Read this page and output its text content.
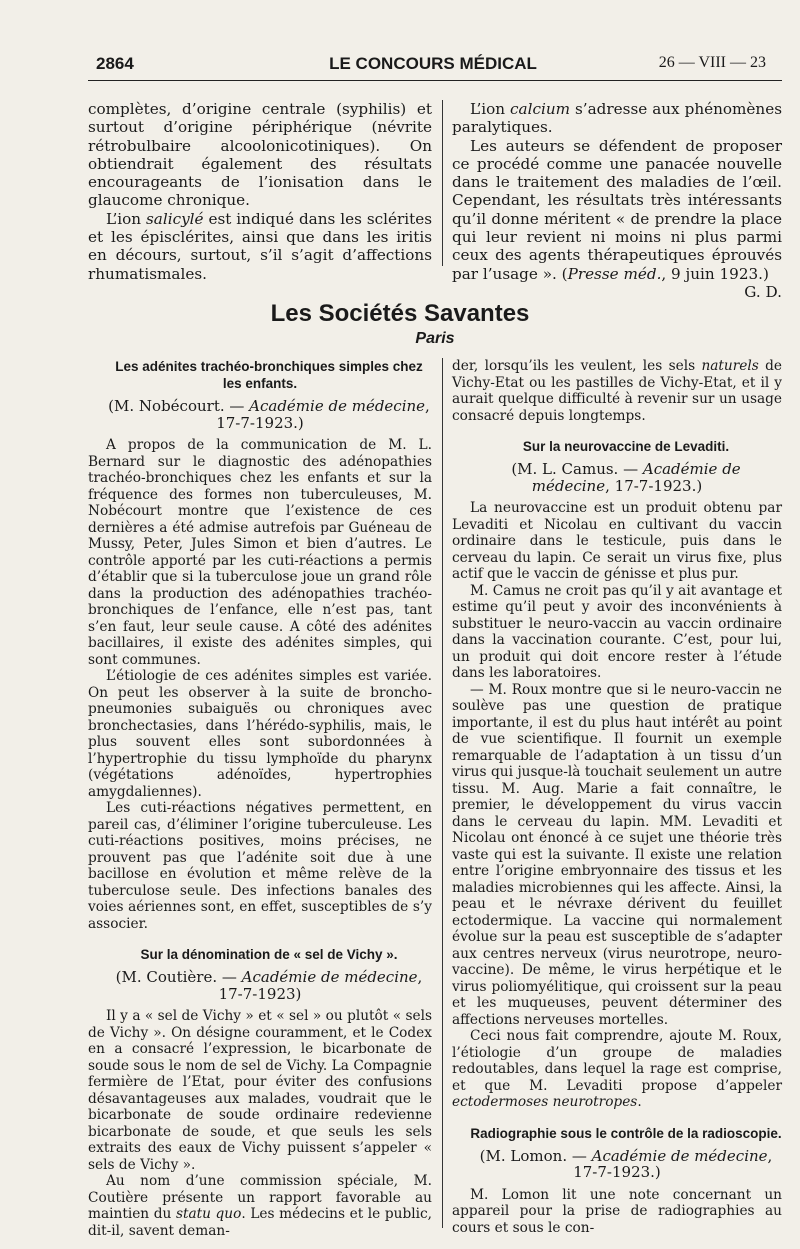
2864	LE CONCOURS MÉDICAL	26 — VIII — 23

complètes, d’origine centrale (syphilis) et surtout d’origine périphérique (névrite rétrobulbaire alcoolonicotiniques). On obtiendrait également des résultats encourageants de l’ionisation dans le glaucome chronique.

L’ion salicylé est indiqué dans les sclérites et les épisclérites, ainsi que dans les iritis en décours, surtout, s’il s’agit d’affections rhumatismales.

L’ion calcium s’adresse aux phénomènes paralytiques.

Les auteurs se défendent de proposer ce procédé comme une panacée nouvelle dans le traitement des maladies de l’œil. Cependant, les résultats très intéressants qu’il donne méritent « de prendre la place qui leur revient ni moins ni plus parmi ceux des agents thérapeutiques éprouvés par l’usage ». (Presse méd., 9 juin 1923.)

G. D.

Les Sociétés Savantes
Paris

Les adénites trachéo-bronchiques simples chez les enfants.

(M. Nobécourt. — Académie de médecine, 17-7-1923.)

A propos de la communication de M. L. Bernard sur le diagnostic des adénopathies trachéo-bronchiques chez les enfants et sur la fréquence des formes non tuberculeuses, M. Nobécourt montre que l’existence de ces dernières a été admise autrefois par Guéneau de Mussy, Peter, Jules Simon et bien d’autres. Le contrôle apporté par les cuti-réactions a permis d’établir que si la tuberculose joue un grand rôle dans la production des adénopathies trachéo-bronchiques de l’enfance, elle n’est pas, tant s’en faut, leur seule cause. A côté des adénites bacillaires, il existe des adénites simples, qui sont communes.

L’étiologie de ces adénites simples est variée. On peut les observer à la suite de broncho-pneumonies subaiguës ou chroniques avec bronchectasies, dans l’hérédo-syphilis, mais, le plus souvent elles sont subordonnées à l’hypertrophie du tissu lymphoïde du pharynx (végétations adénoïdes, hypertrophies amygdaliennes).

Les cuti-réactions négatives permettent, en pareil cas, d’éliminer l’origine tuberculeuse. Les cuti-réactions positives, moins précises, ne prouvent pas que l’adénite soit due à une bacillose en évolution et même relève de la tuberculose seule. Des infections banales des voies aériennes sont, en effet, susceptibles de s’y associer.

Sur la dénomination de « sel de Vichy ».

(M. Coutière. — Académie de médecine, 17-7-1923)

Il y a « sel de Vichy » et « sel » ou plutôt « sels de Vichy ». On désigne couramment, et le Codex en a consacré l’expression, le bicarbonate de soude sous le nom de sel de Vichy. La Compagnie fermière de l’Etat, pour éviter des confusions désavantageuses aux malades, voudrait que le bicarbonate de soude ordinaire redevienne bicarbonate de soude, et que seuls les sels extraits des eaux de Vichy puissent s’appeler « sels de Vichy ».

Au nom d’une commission spéciale, M. Coutière présente un rapport favorable au maintien du statu quo. Les médecins et le public, dit-il, savent deman-

der, lorsqu’ils les veulent, les sels naturels de Vichy-Etat ou les pastilles de Vichy-Etat, et il y aurait quelque difficulté à revenir sur un usage consacré depuis longtemps.

Sur la neurovaccine de Levaditi.

(M. L. Camus. — Académie de médecine, 17-7-1923.)

La neurovaccine est un produit obtenu par Levaditi et Nicolau en cultivant du vaccin ordinaire dans le testicule, puis dans le cerveau du lapin. Ce serait un virus fixe, plus actif que le vaccin de génisse et plus pur.

M. Camus ne croit pas qu’il y ait avantage et estime qu’il peut y avoir des inconvénients à substituer le neuro-vaccin au vaccin ordinaire dans la vaccination courante. C’est, pour lui, un produit qui doit encore rester à l’étude dans les laboratoires.

— M. Roux montre que si le neuro-vaccin ne soulève pas une question de pratique importante, il est du plus haut intérêt au point de vue scientifique. Il fournit un exemple remarquable de l’adaptation à un tissu d’un virus qui jusque-là touchait seulement un autre tissu. M. Aug. Marie a fait connaître, le premier, le développement du virus vaccin dans le cerveau du lapin. MM. Levaditi et Nicolau ont énoncé à ce sujet une théorie très vaste qui est la suivante. Il existe une relation entre l’origine embryonnaire des tissus et les maladies microbiennes qui les affecte. Ainsi, la peau et le névraxe dérivent du feuillet ectodermique. La vaccine qui normalement évolue sur la peau est susceptible de s’adapter aux centres nerveux (virus neurotrope, neuro-vaccine). De même, le virus herpétique et le virus poliomyélitique, qui croissent sur la peau et les muqueuses, peuvent déterminer des affections nerveuses mortelles.

Ceci nous fait comprendre, ajoute M. Roux, l’étiologie d’un groupe de maladies redoutables, dans lequel la rage est comprise, et que M. Levaditi propose d’appeler ectodermoses neurotropes.

Radiographie sous le contrôle de la radioscopie.

(M. Lomon. — Académie de médecine, 17-7-1923.)

M. Lomon lit une note concernant un appareil pour la prise de radiographies au cours et sous le con-
